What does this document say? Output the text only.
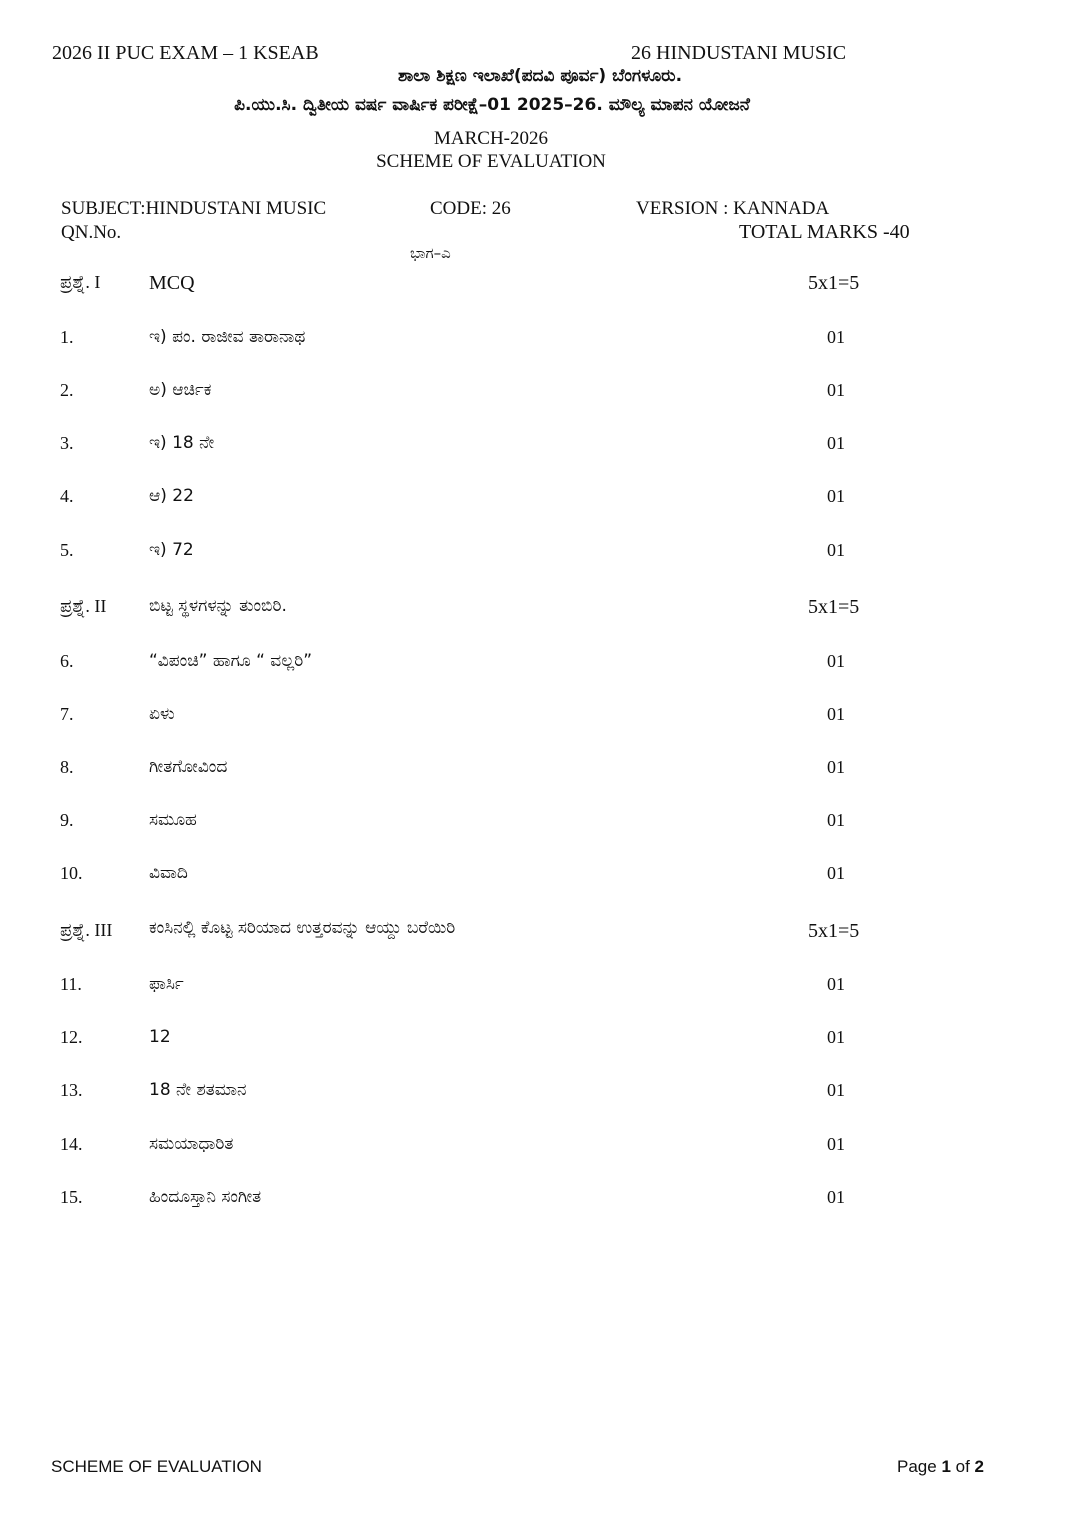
2026 II PUC EXAM – 1 KSEAB	26 HINDUSTANI MUSIC
ಶಾಲಾ ಶಿಕ್ಷಣ ಇಲಾಖೆ(ಪದವಿ ಪೂರ್ವ) ಬೆಂಗಳೂರು.
ಪಿ.ಯು.ಸಿ. ದ್ವಿತೀಯ ವರ್ಷ ವಾರ್ಷಿಕ ಪರೀಕ್ಷೆ–01 2025–26. ಮೌಲ್ಯ ಮಾಪನ ಯೋಜನೆ
MARCH-2026
SCHEME OF EVALUATION
SUBJECT:HINDUSTANI MUSIC	CODE: 26	VERSION : KANNADA
QN.No.	TOTAL MARKS -40
ಭಾಗ–ಎ
ಪ್ರಶ್ನೆ. I MCQ	5x1=5
1.	ಇ) ಪಂ. ರಾಜೀವ ತಾರಾನಾಥ	01
2.	ಅ) ಆರ್ಚಿಕ	01
3.	ಇ) 18 ನೇ	01
4.	ಆ) 22	01
5.	ಇ) 72	01
ಪ್ರಶ್ನೆ. II	ಬಿಟ್ಟ ಸ್ಥಳಗಳನ್ನು ತುಂಬಿರಿ.	5x1=5
6.	“ವಿಪಂಚಿ” ಹಾಗೂ “ ವಲ್ಲರಿ”	01
7.	ಏಳು	01
8.	ಗೀತಗೋವಿಂದ	01
9.	ಸಮೂಹ	01
10.	ವಿವಾದಿ	01
ಪ್ರಶ್ನೆ. III ಕಂಸಿನಲ್ಲಿ ಕೊಟ್ಟ ಸರಿಯಾದ ಉತ್ತರವನ್ನು ಆಯ್ದು ಬರೆಯಿರಿ	5x1=5
11.	ಫಾರ್ಸಿ	01
12.	12	01
13.	18 ನೇ ಶತಮಾನ	01
14.	ಸಮಯಾಧಾರಿತ	01
15.	ಹಿಂದೂಸ್ತಾನಿ ಸಂಗೀತ	01
SCHEME OF EVALUATION	Page 1 of 2
